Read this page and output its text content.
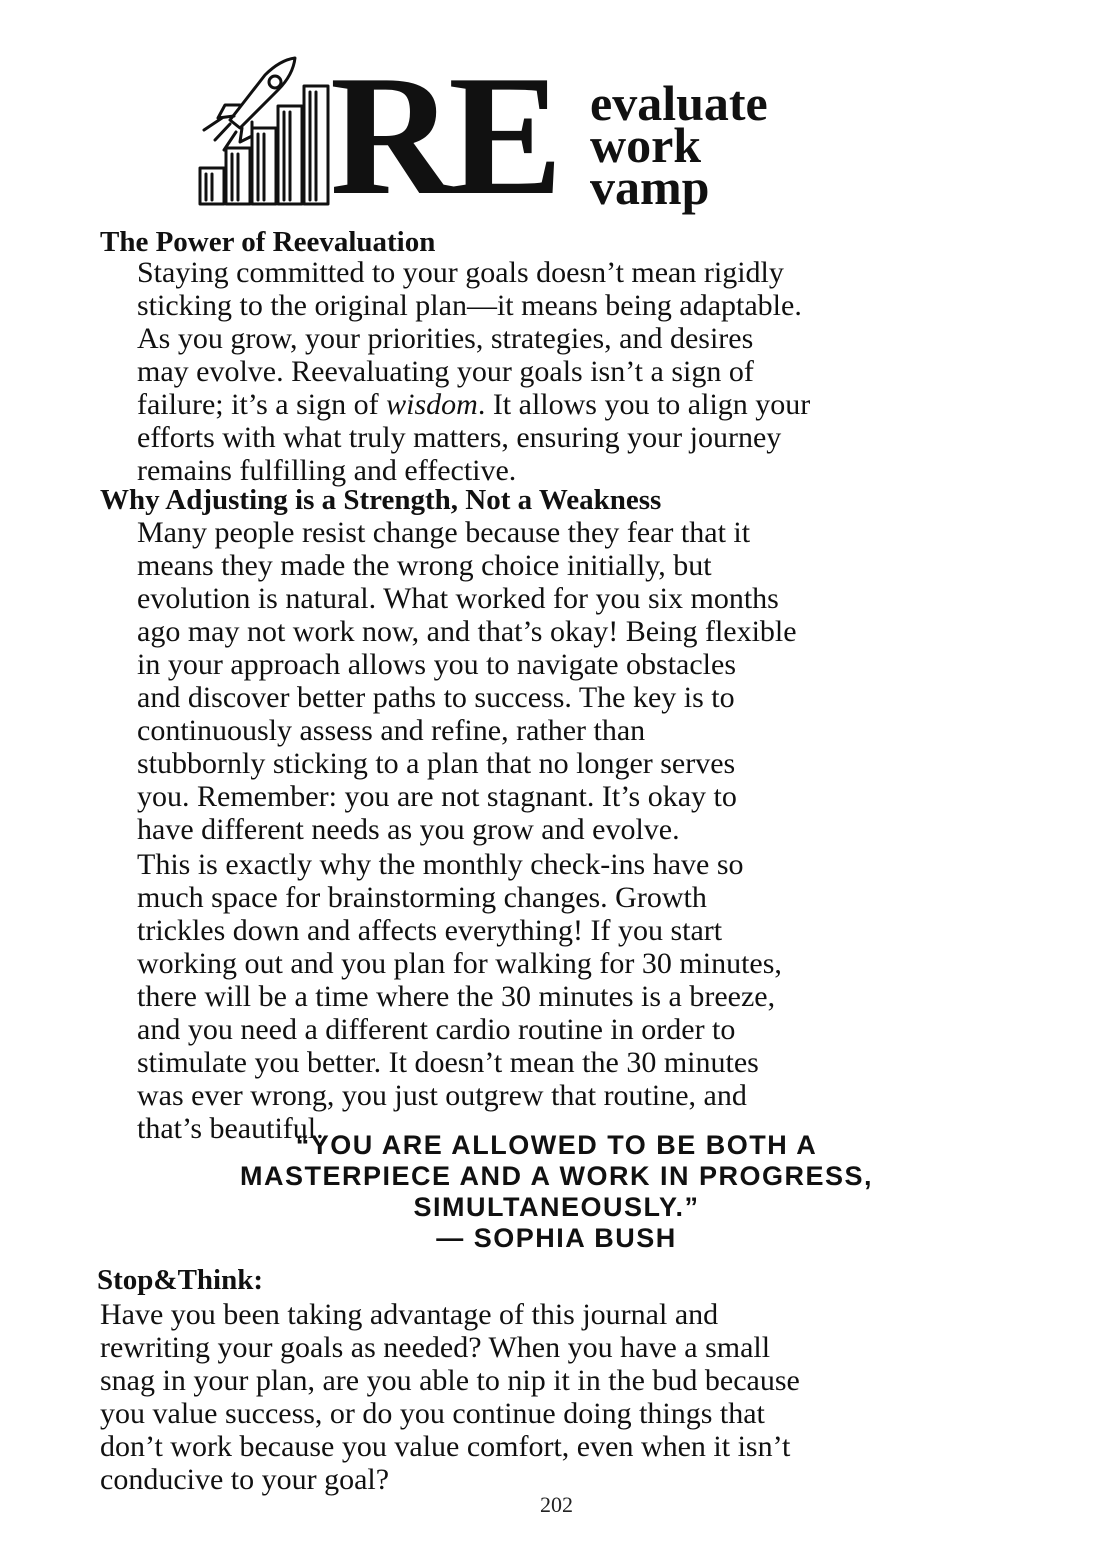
RE evaluate
work
vamp
The Power of Reevaluation
Staying committed to your goals doesn’t mean rigidly
sticking to the original plan—it means being adaptable.
As you grow, your priorities, strategies, and desires
may evolve. Reevaluating your goals isn’t a sign of
failure; it’s a sign of wisdom. It allows you to align your
efforts with what truly matters, ensuring your journey
remains fulfilling and effective.
Why Adjusting is a Strength, Not a Weakness
Many people resist change because they fear that it
means they made the wrong choice initially, but
evolution is natural. What worked for you six months
ago may not work now, and that’s okay! Being flexible
in your approach allows you to navigate obstacles
and discover better paths to success. The key is to
continuously assess and refine, rather than
stubbornly sticking to a plan that no longer serves
you. Remember: you are not stagnant. It’s okay to
have different needs as you grow and evolve.
This is exactly why the monthly check-ins have so
much space for brainstorming changes. Growth
trickles down and affects everything! If you start
working out and you plan for walking for 30 minutes,
there will be a time where the 30 minutes is a breeze,
and you need a different cardio routine in order to
stimulate you better. It doesn’t mean the 30 minutes
was ever wrong, you just outgrew that routine, and
that’s beautiful.
“YOU ARE ALLOWED TO BE BOTH A
MASTERPIECE AND A WORK IN PROGRESS,
SIMULTANEOUSLY.”
— SOPHIA BUSH
Stop&Think:
Have you been taking advantage of this journal and
rewriting your goals as needed? When you have a small
snag in your plan, are you able to nip it in the bud because
you value success, or do you continue doing things that
don’t work because you value comfort, even when it isn’t
conducive to your goal?
202
